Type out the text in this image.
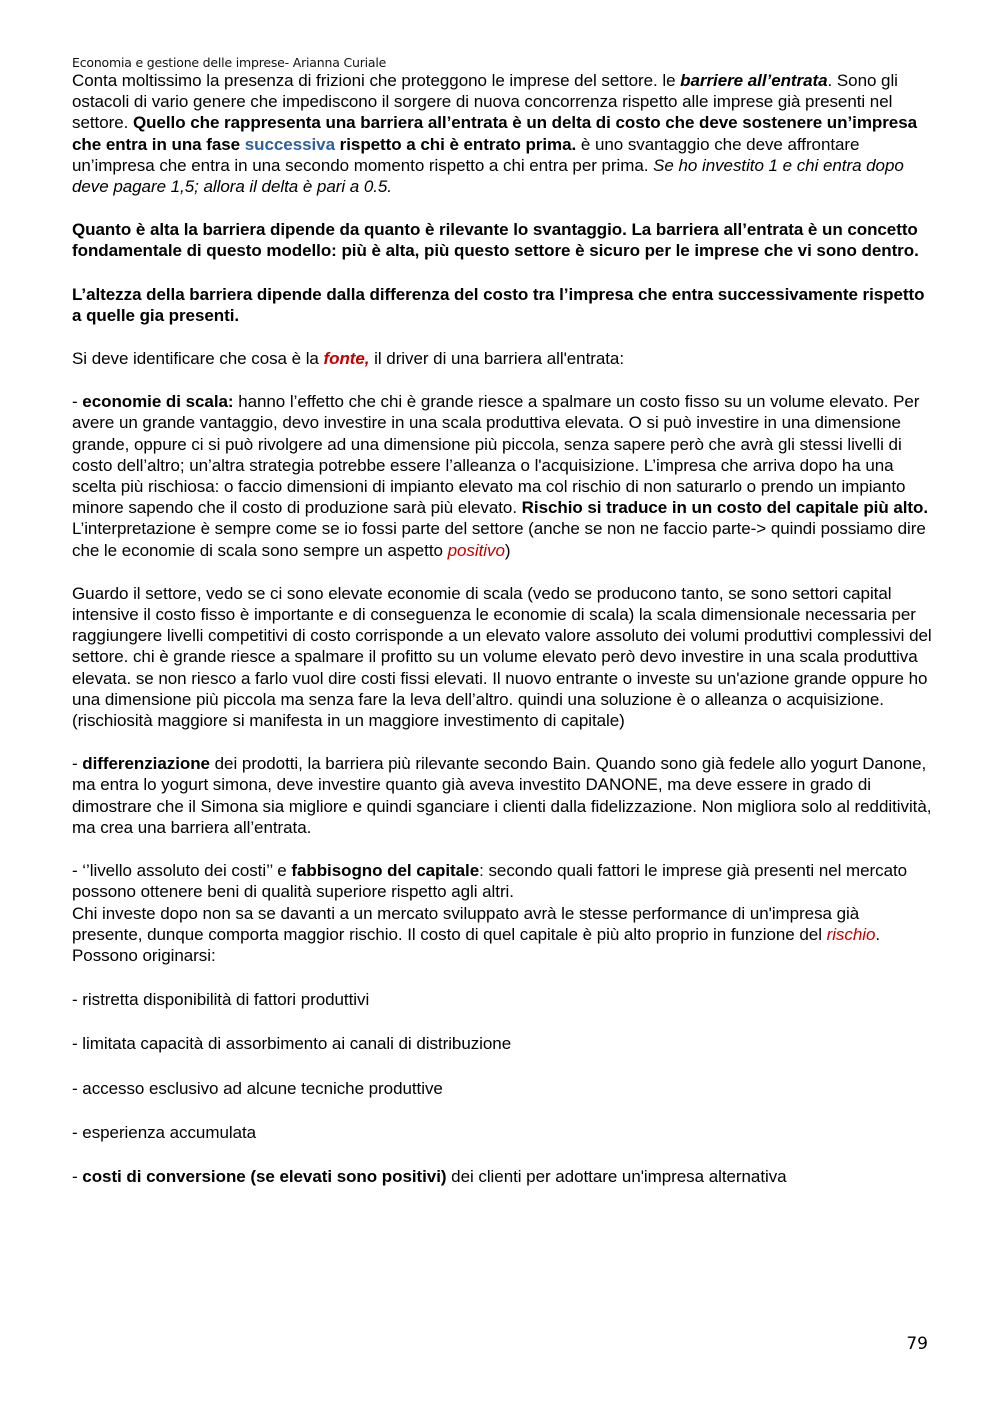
Economia e gestione delle imprese- Arianna Curiale

Conta moltissimo la presenza di frizioni che proteggono le imprese del settore. le barriere all’entrata. Sono gli ostacoli di vario genere che impediscono il sorgere di nuova concorrenza rispetto alle imprese già presenti nel settore. Quello che rappresenta una barriera all’entrata è un delta di costo che deve sostenere un’impresa che entra in una fase successiva rispetto a chi è entrato prima. è uno svantaggio che deve affrontare un’impresa che entra in una secondo momento rispetto a chi entra per prima. Se ho investito 1 e chi entra dopo deve pagare 1,5; allora il delta è pari a 0.5.

Quanto è alta la barriera dipende da quanto è rilevante lo svantaggio. La barriera all’entrata è un concetto fondamentale di questo modello: più è alta, più questo settore è sicuro per le imprese che vi sono dentro.

L’altezza della barriera dipende dalla differenza del costo tra l’impresa che entra successivamente rispetto a quelle gia presenti.

Si deve identificare che cosa è la fonte, il driver di una barriera all'entrata:

- economie di scala: hanno l’effetto che chi è grande riesce a spalmare un costo fisso su un volume elevato. Per avere un grande vantaggio, devo investire in una scala produttiva elevata. O si può investire in una dimensione grande, oppure ci si può rivolgere ad una dimensione più piccola, senza sapere però che avrà gli stessi livelli di costo dell’altro; un’altra strategia potrebbe essere l’alleanza o l'acquisizione. L’impresa che arriva dopo ha una scelta più rischiosa: o faccio dimensioni di impianto elevato ma col rischio di non saturarlo o prendo un impianto minore sapendo che il costo di produzione sarà più elevato. Rischio si traduce in un costo del capitale più alto. L’interpretazione è sempre come se io fossi parte del settore (anche se non ne faccio parte-> quindi possiamo dire che le economie di scala sono sempre un aspetto positivo)

Guardo il settore, vedo se ci sono elevate economie di scala (vedo se producono tanto, se sono settori capital intensive il costo fisso è importante e di conseguenza le economie di scala) la scala dimensionale necessaria per raggiungere livelli competitivi di costo corrisponde a un elevato valore assoluto dei volumi produttivi complessivi del settore. chi è grande riesce a spalmare il profitto su un volume elevato però devo investire in una scala produttiva elevata. se non riesco a farlo vuol dire costi fissi elevati. Il nuovo entrante o investe su un'azione grande oppure ho una dimensione più piccola ma senza fare la leva dell’altro. quindi una soluzione è o alleanza o acquisizione. (rischiosità maggiore si manifesta in un maggiore investimento di capitale)

- differenziazione dei prodotti, la barriera più rilevante secondo Bain. Quando sono già fedele allo yogurt Danone, ma entra lo yogurt simona, deve investire quanto già aveva investito DANONE, ma deve essere in grado di dimostrare che il Simona sia migliore e quindi sganciare i clienti dalla fidelizzazione. Non migliora solo al redditività, ma crea una barriera all’entrata.

- ‘’livello assoluto dei costi’’ e fabbisogno del capitale: secondo quali fattori le imprese già presenti nel mercato possono ottenere beni di qualità superiore rispetto agli altri.

Chi investe dopo non sa se davanti a un mercato sviluppato avrà le stesse performance di un'impresa già presente, dunque comporta maggior rischio. Il costo di quel capitale è più alto proprio in funzione del rischio. Possono originarsi:

- ristretta disponibilità di fattori produttivi

- limitata capacità di assorbimento ai canali di distribuzione

- accesso esclusivo ad alcune tecniche produttive

- esperienza accumulata

- costi di conversione (se elevati sono positivi) dei clienti per adottare un'impresa alternativa

79
